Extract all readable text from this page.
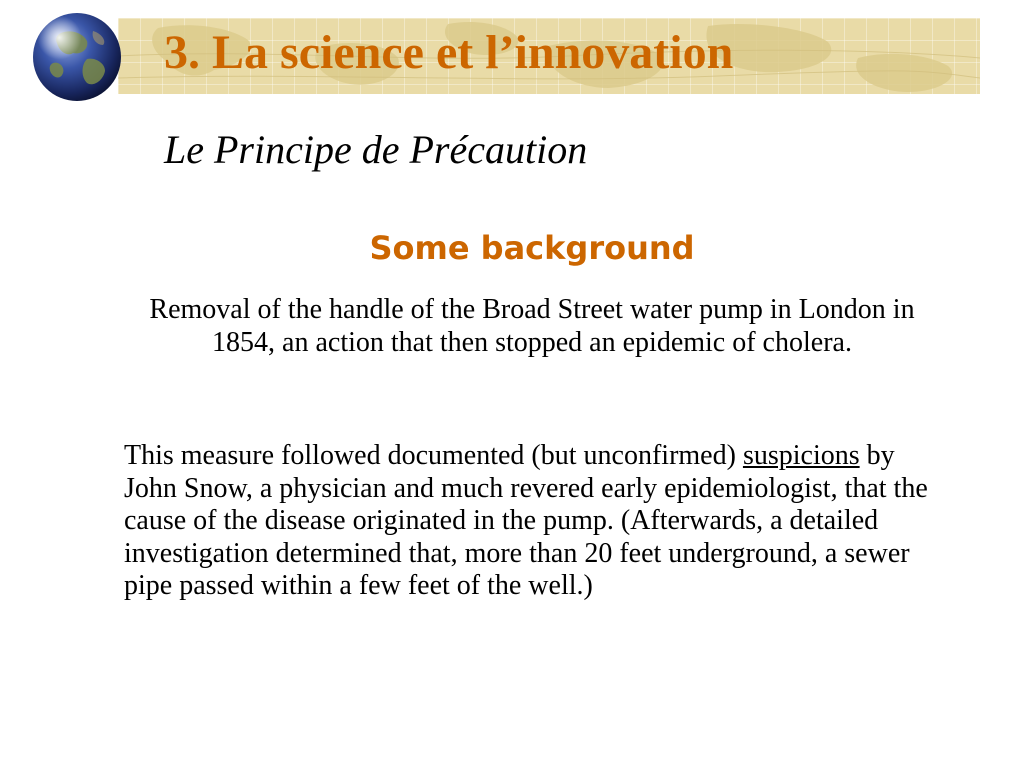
3. La science et l’innovation
Le Principe de Précaution
Some background

Removal of the handle of the Broad Street water pump in London in 1854, an action that then stopped an epidemic of cholera.

This measure followed documented (but unconfirmed) suspicions by John Snow, a physician and much revered early epidemiologist, that the cause of the disease originated in the pump. (Afterwards, a detailed investigation determined that, more than 20 feet underground, a sewer pipe passed within a few feet of the well.)
